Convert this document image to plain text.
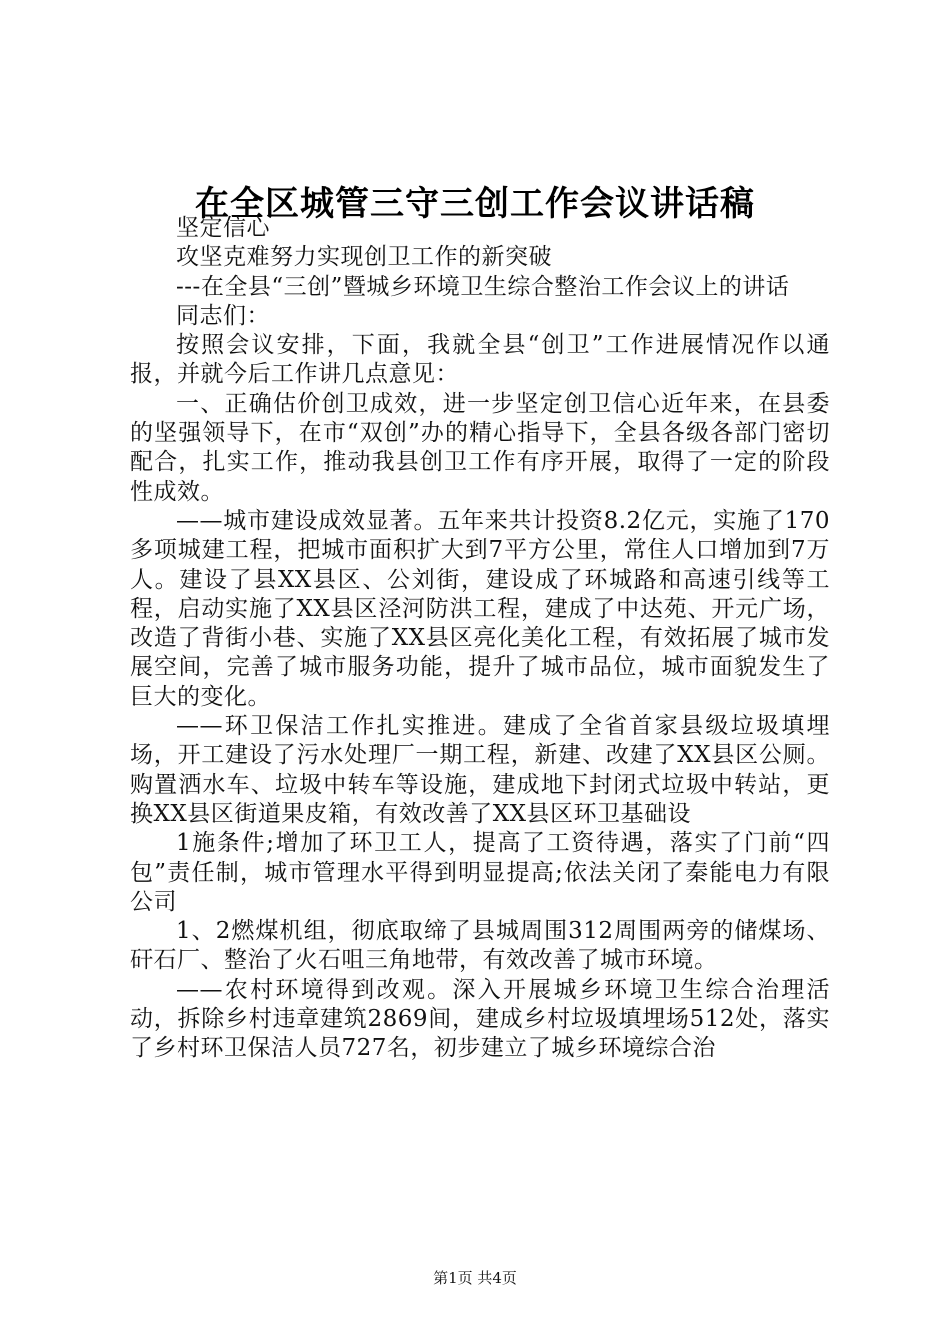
在全区城管三守三创工作会议讲话稿

坚定信心

攻坚克难努力实现创卫工作的新突破

---在全县“三创”暨城乡环境卫生综合整治工作会议上的讲话

同志们：

按照会议安排，下面，我就全县“创卫”工作进展情况作以通报，并就今后工作讲几点意见：

一、正确估价创卫成效，进一步坚定创卫信心近年来，在县委的坚强领导下，在市“双创”办的精心指导下，全县各级各部门密切配合，扎实工作，推动我县创卫工作有序开展，取得了一定的阶段性成效。

——城市建设成效显著。五年来共计投资8.2亿元，实施了170多项城建工程，把城市面积扩大到7平方公里，常住人口增加到7万人。建设了县XX县区、公刘街，建设成了环城路和高速引线等工程，启动实施了XX县区泾河防洪工程，建成了中达苑、开元广场，改造了背街小巷、实施了XX县区亮化美化工程，有效拓展了城市发展空间，完善了城市服务功能，提升了城市品位，城市面貌发生了巨大的变化。

——环卫保洁工作扎实推进。建成了全省首家县级垃圾填埋场，开工建设了污水处理厂一期工程，新建、改建了XX县区公厕。购置洒水车、垃圾中转车等设施，建成地下封闭式垃圾中转站，更换XX县区街道果皮箱，有效改善了XX县区环卫基础设

1施条件;增加了环卫工人，提高了工资待遇，落实了门前“四包”责任制，城市管理水平得到明显提高;依法关闭了秦能电力有限公司

1、2燃煤机组，彻底取缔了县城周围312周围两旁的储煤场、矸石厂、整治了火石咀三角地带，有效改善了城市环境。

——农村环境得到改观。深入开展城乡环境卫生综合治理活动，拆除乡村违章建筑2869间，建成乡村垃圾填埋场512处，落实了乡村环卫保洁人员727名，初步建立了城乡环境综合治

第1页 共4页
